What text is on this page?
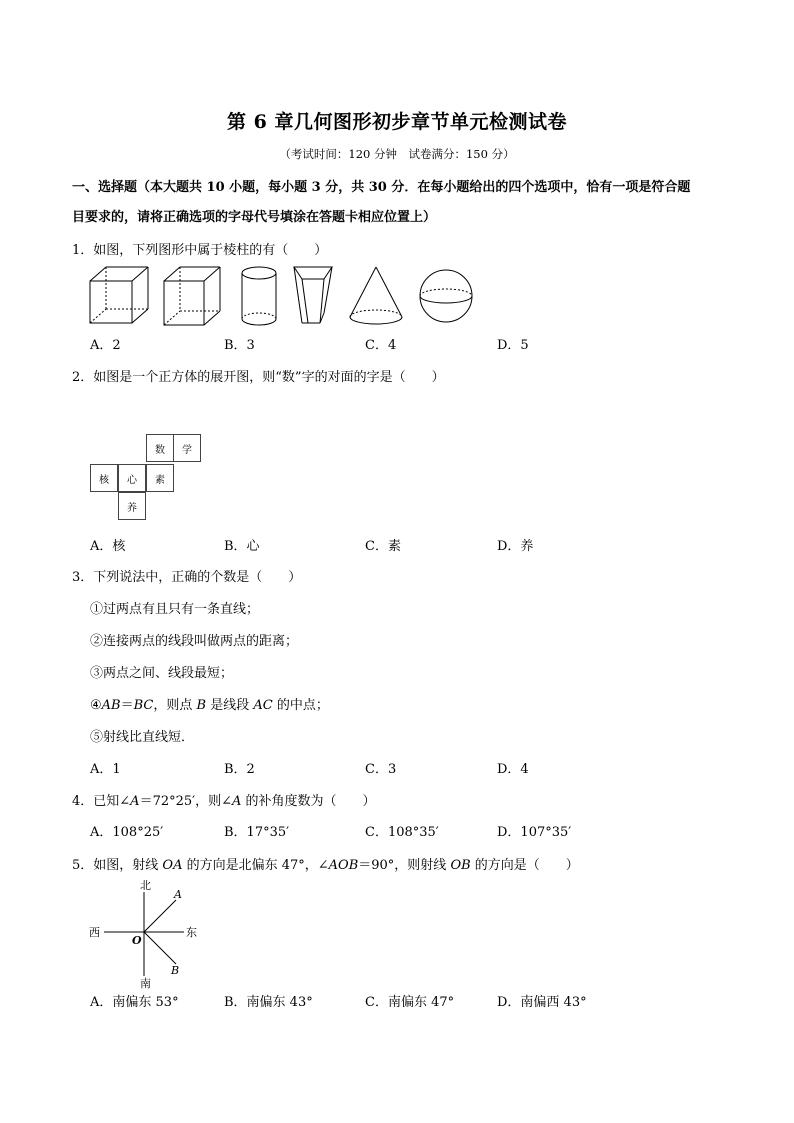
第 6 章几何图形初步章节单元检测试卷
（考试时间：120 分钟　试卷满分：150 分）
一、选择题（本大题共 10 小题，每小题 3 分，共 30 分．在每小题给出的四个选项中，恰有一项是符合题
目要求的，请将正确选项的字母代号填涂在答题卡相应位置上）
1．如图，下列图形中属于棱柱的有（　　）
A．2	B．3	C．4	D．5
2．如图是一个正方体的展开图，则“数”字的对面的字是（　　）
数	学
核	心	素
养
A．核	B．心	C．素	D．养
3．下列说法中，正确的个数是（　　）
①过两点有且只有一条直线；
②连接两点的线段叫做两点的距离；
③两点之间、线段最短；
④AB＝BC，则点 B 是线段 AC 的中点；
⑤射线比直线短．
A．1	B．2	C．3	D．4
4．已知∠A＝72°25′，则∠A 的补角度数为（　　）
A．108°25′	B．17°35′	C．108°35′	D．107°35′
5．如图，射线 OA 的方向是北偏东 47°，∠AOB＝90°，则射线 OB 的方向是（　　）
北
南
西	东
O
A
B
A．南偏东 53°	B．南偏东 43°	C．南偏东 47°	D．南偏西 43°
